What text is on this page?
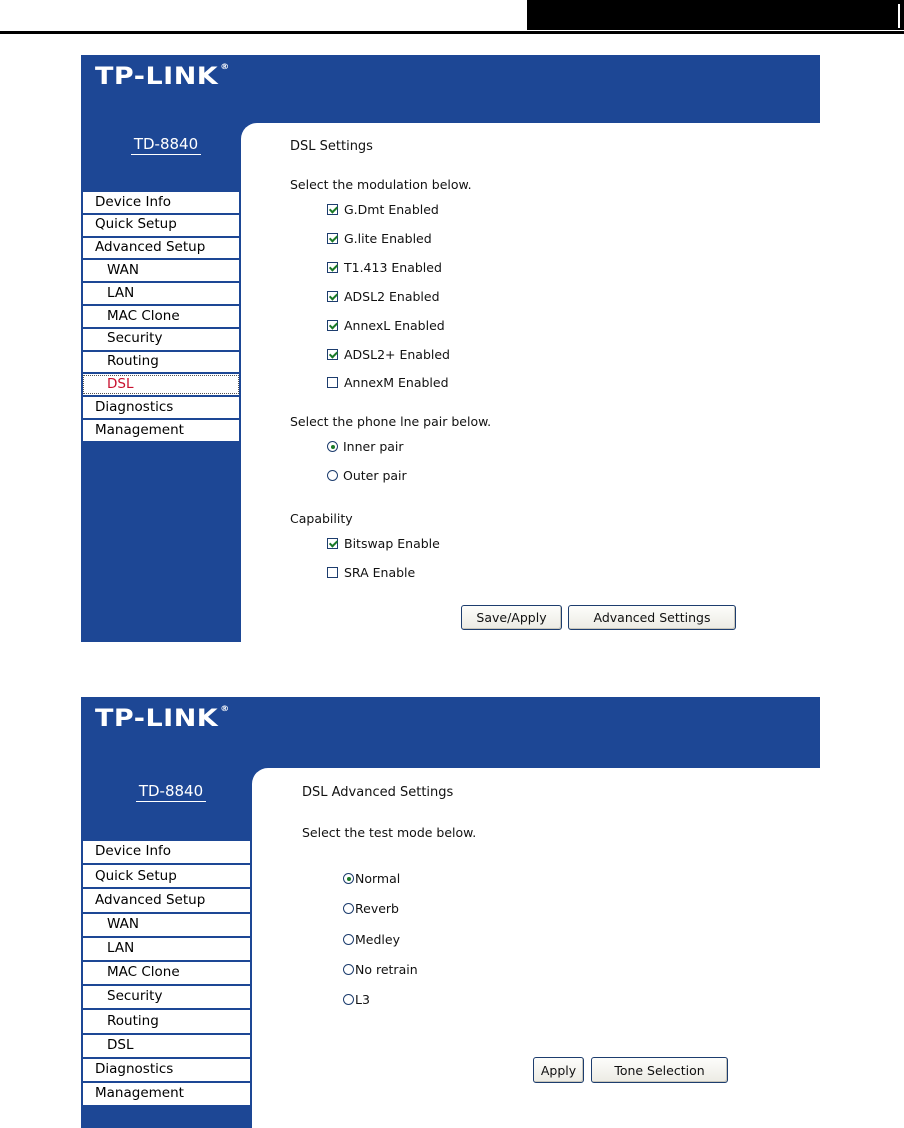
TP-LINK ®
TD-8840
Device Info
Quick Setup
Advanced Setup
WAN
LAN
MAC Clone
Security
Routing
DSL
Diagnostics
Management
DSL Settings
Select the modulation below.
G.Dmt Enabled
G.lite Enabled
T1.413 Enabled
ADSL2 Enabled
AnnexL Enabled
ADSL2+ Enabled
AnnexM Enabled
Select the phone lne pair below.
Inner pair
Outer pair
Capability
Bitswap Enable
SRA Enable
Save/Apply	Advanced Settings
TP-LINK ®
TD-8840
Device Info
Quick Setup
Advanced Setup
WAN
LAN
MAC Clone
Security
Routing
DSL
Diagnostics
Management
DSL Advanced Settings
Select the test mode below.
Normal
Reverb
Medley
No retrain
L3
Apply	Tone Selection
